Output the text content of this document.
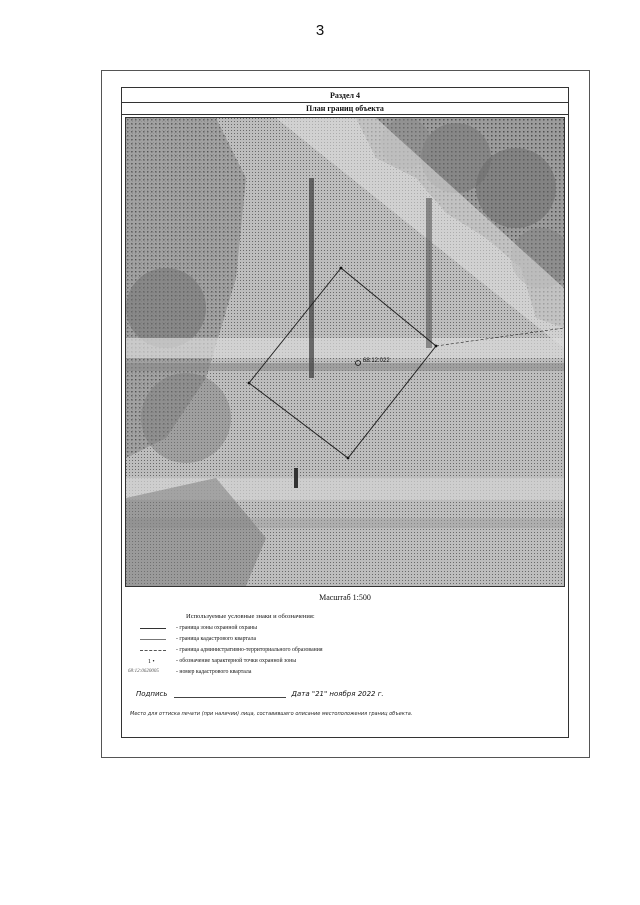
3
Раздел 4
План границ объекта
68:12:022
Масштаб 1:500
Используемые условные знаки и обозначения:
- граница зоны охранной охраны
- граница кадастрового квартала
- граница административно-территориального образования
1 •	- обозначение характерной точки охранной зоны
68:12:0620005	- номер кадастрового квартала
Подпись	Дата "21" ноября 2022 г.
Место для оттиска печати (при наличии) лица, составившего описание местоположения границ объекта.
